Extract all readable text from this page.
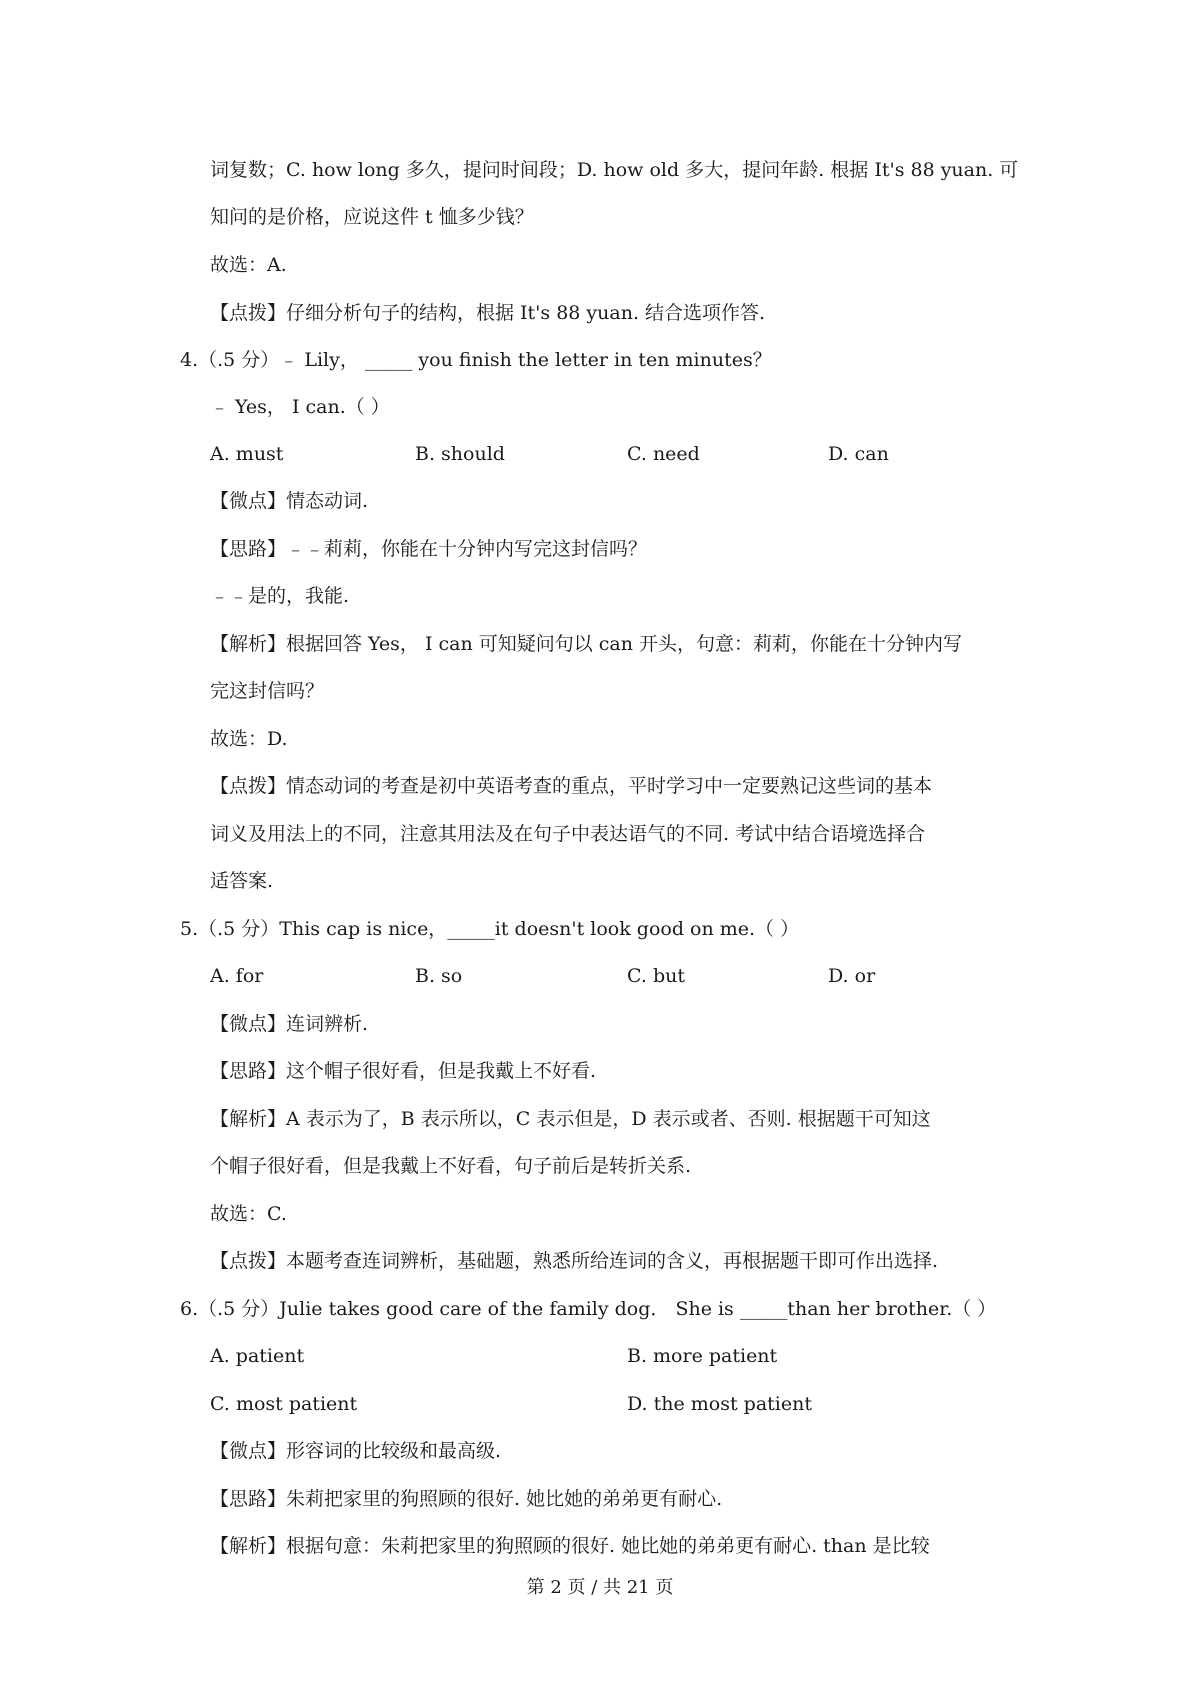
词复数；C. how long 多久，提问时间段；D. how old 多大，提问年龄. 根据 It's 88 yuan. 可
知问的是价格，应说这件 t 恤多少钱？
故选：A.
【点拨】仔细分析句子的结构，根据 It's 88 yuan. 结合选项作答.
4.（.5 分）﹣ Lily， _____ you finish the letter in ten minutes？
﹣ Yes， I can.（ ）
A. must	B. should	C. need	D. can
【微点】情态动词.
【思路】﹣﹣莉莉，你能在十分钟内写完这封信吗？
﹣﹣是的，我能.
【解析】根据回答 Yes， I can 可知疑问句以 can 开头，句意：莉莉，你能在十分钟内写
完这封信吗？
故选：D.
【点拨】情态动词的考查是初中英语考查的重点，平时学习中一定要熟记这些词的基本
词义及用法上的不同，注意其用法及在句子中表达语气的不同. 考试中结合语境选择合
适答案.
5.（.5 分）This cap is nice，_____it doesn't look good on me.（ ）
A. for	B. so	C. but	D. or
【微点】连词辨析.
【思路】这个帽子很好看，但是我戴上不好看.
【解析】A 表示为了，B 表示所以，C 表示但是，D 表示或者、否则. 根据题干可知这
个帽子很好看，但是我戴上不好看，句子前后是转折关系.
故选：C.
【点拨】本题考查连词辨析，基础题，熟悉所给连词的含义，再根据题干即可作出选择.
6.（.5 分）Julie takes good care of the family dog． She is _____than her brother.（ ）
A. patient	B. more patient
C. most patient	D. the most patient
【微点】形容词的比较级和最高级.
【思路】朱莉把家里的狗照顾的很好. 她比她的弟弟更有耐心.
【解析】根据句意：朱莉把家里的狗照顾的很好. 她比她的弟弟更有耐心. than 是比较
第 2 页 / 共 21 页
